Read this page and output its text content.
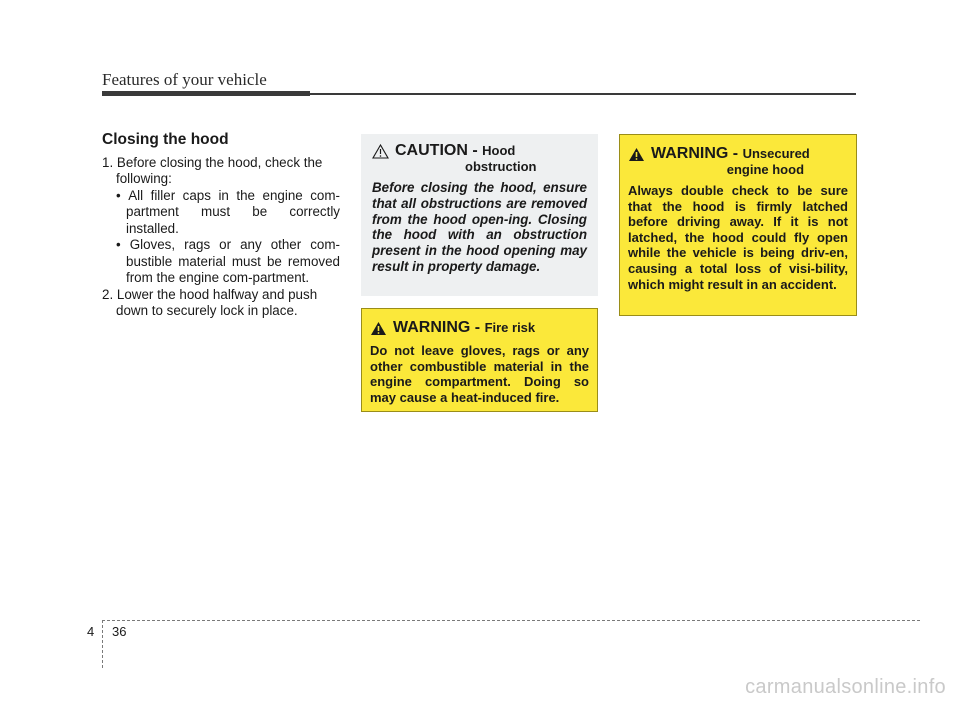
Features of your vehicle
Closing the hood

1. Before closing the hood, check the following:

• All filler caps in the engine com-partment must be correctly installed.
• Gloves, rags or any other com-bustible material must be removed from the engine com-partment.

2. Lower the hood halfway and push down to securely lock in place.

CAUTION - Hood
obstruction
Before closing the hood, ensure that all obstructions are removed from the hood open-ing. Closing the hood with an obstruction present in the hood opening may result in property damage.
WARNING - Fire risk
Do not leave gloves, rags or any other combustible material in the engine compartment. Doing so may cause a heat-induced fire.
WARNING - Unsecured
engine hood
Always double check to be sure that the hood is firmly latched before driving away. If it is not latched, the hood could fly open while the vehicle is being driv-en, causing a total loss of visi-bility, which might result in an accident.
4 36
carmanualsonline.info
